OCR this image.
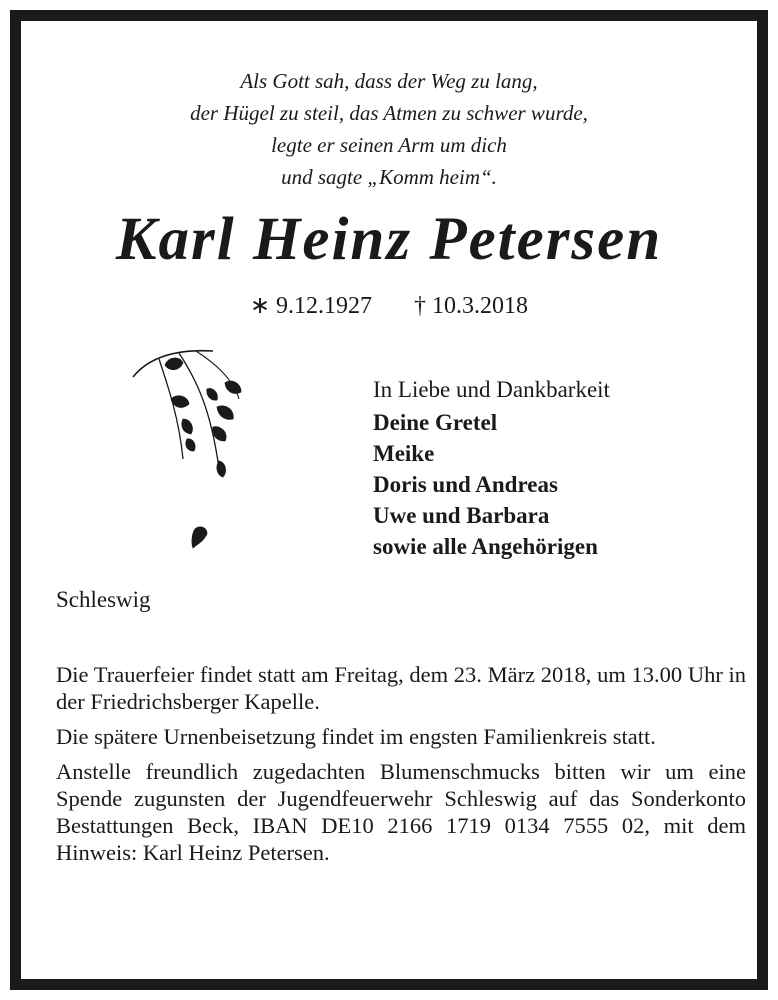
Als Gott sah, dass der Weg zu lang,
der Hügel zu steil, das Atmen zu schwer wurde,
legte er seinen Arm um dich
und sagte „Komm heim“.
Karl Heinz Petersen
∗ 9.12.1927 † 10.3.2018
In Liebe und Dankbarkeit
Deine Gretel
Meike
Doris und Andreas
Uwe und Barbara
sowie alle Angehörigen
Schleswig

Die Trauerfeier findet statt am Freitag, dem 23. März 2018, um 13.00 Uhr in der Friedrichsberger Kapelle.

Die spätere Urnenbeisetzung findet im engsten Familienkreis statt.

Anstelle freundlich zugedachten Blumenschmucks bitten wir um eine Spende zugunsten der Jugendfeuerwehr Schleswig auf das Sonderkonto Bestattungen Beck, IBAN DE10 2166 1719 0134 7555 02, mit dem Hinweis: Karl Heinz Petersen.
